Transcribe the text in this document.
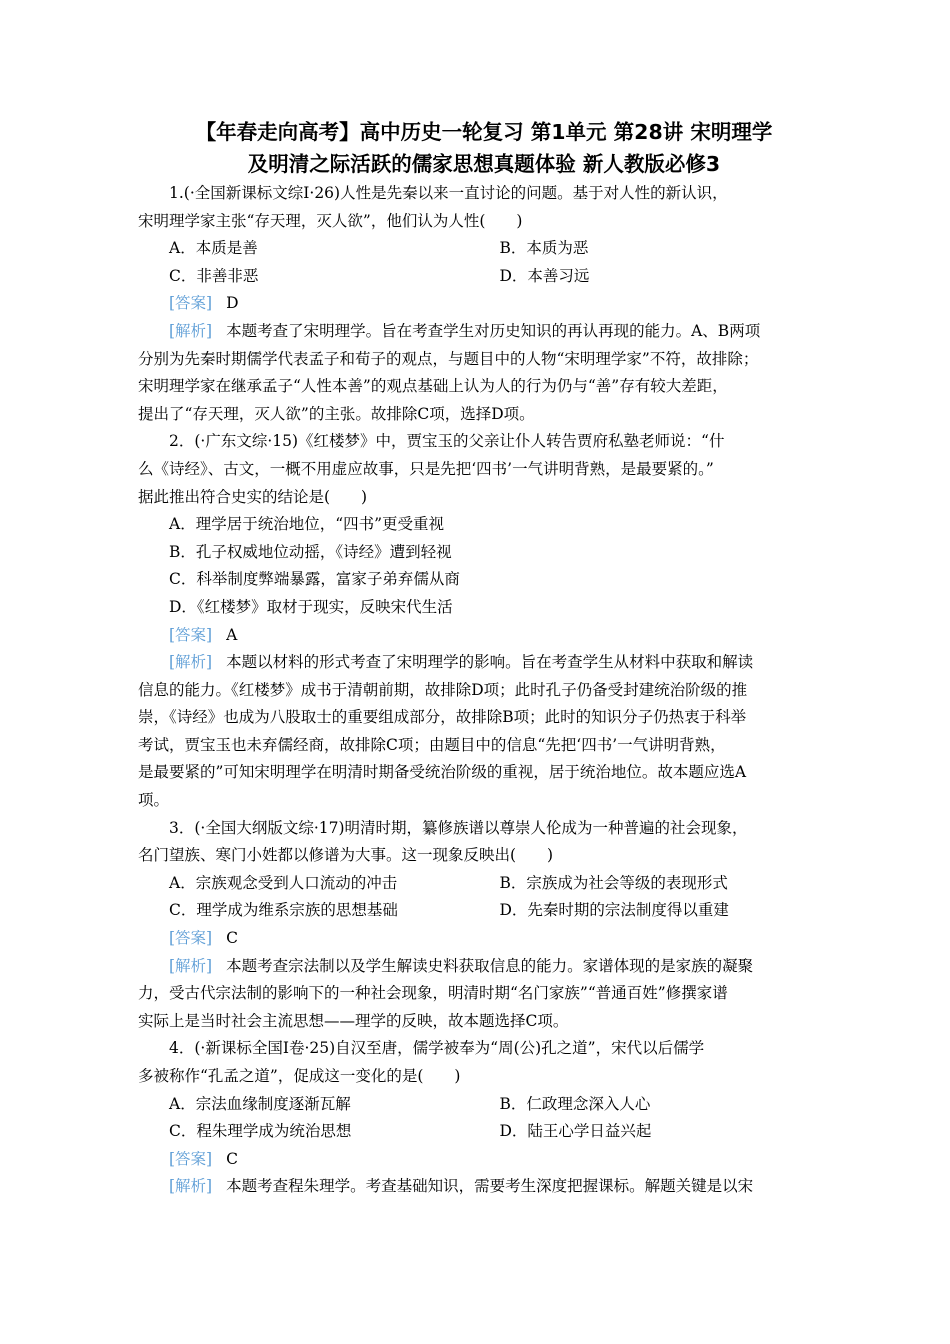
【年春走向高考】高中历史一轮复习 第1单元 第28讲 宋明理学
及明清之际活跃的儒家思想真题体验 新人教版必修3
1.(·全国新课标文综Ⅰ·26)人性是先秦以来一直讨论的问题。基于对人性的新认识，
宋明理学家主张“存天理，灭人欲”，他们认为人性(　　)
A．本质是善	B．本质为恶
C．非善非恶	D．本善习远
[答案] D
[解析] 本题考查了宋明理学。旨在考查学生对历史知识的再认再现的能力。A、B两项
分别为先秦时期儒学代表孟子和荀子的观点，与题目中的人物“宋明理学家”不符，故排除；
宋明理学家在继承孟子“人性本善”的观点基础上认为人的行为仍与“善”存有较大差距，
提出了“存天理，灭人欲”的主张。故排除C项，选择D项。
2．(·广东文综·15)《红楼梦》中，贾宝玉的父亲让仆人转告贾府私塾老师说：“什
么《诗经》、古文，一概不用虚应故事，只是先把‘四书’一气讲明背熟，是最要紧的。”
据此推出符合史实的结论是(　　)
A．理学居于统治地位，“四书”更受重视
B．孔子权威地位动摇，《诗经》遭到轻视
C．科举制度弊端暴露，富家子弟弃儒从商
D．《红楼梦》取材于现实，反映宋代生活
[答案] A
[解析] 本题以材料的形式考查了宋明理学的影响。旨在考查学生从材料中获取和解读
信息的能力。《红楼梦》成书于清朝前期，故排除D项；此时孔子仍备受封建统治阶级的推
崇，《诗经》也成为八股取士的重要组成部分，故排除B项；此时的知识分子仍热衷于科举
考试，贾宝玉也未弃儒经商，故排除C项；由题目中的信息“先把‘四书’一气讲明背熟，
是最要紧的”可知宋明理学在明清时期备受统治阶级的重视，居于统治地位。故本题应选A
项。
3．(·全国大纲版文综·17)明清时期，纂修族谱以尊崇人伦成为一种普遍的社会现象，
名门望族、寒门小姓都以修谱为大事。这一现象反映出(　　)
A．宗族观念受到人口流动的冲击	B．宗族成为社会等级的表现形式
C．理学成为维系宗族的思想基础	D．先秦时期的宗法制度得以重建
[答案] C
[解析] 本题考查宗法制以及学生解读史料获取信息的能力。家谱体现的是家族的凝聚
力，受古代宗法制的影响下的一种社会现象，明清时期“名门家族”“普通百姓”修撰家谱
实际上是当时社会主流思想——理学的反映，故本题选择C项。
4．(·新课标全国Ⅰ卷·25)自汉至唐，儒学被奉为“周(公)孔之道”，宋代以后儒学
多被称作“孔孟之道”，促成这一变化的是(　　)
A．宗法血缘制度逐渐瓦解	B．仁政理念深入人心
C．程朱理学成为统治思想	D．陆王心学日益兴起
[答案] C
[解析] 本题考查程朱理学。考查基础知识，需要考生深度把握课标。解题关键是以宋
